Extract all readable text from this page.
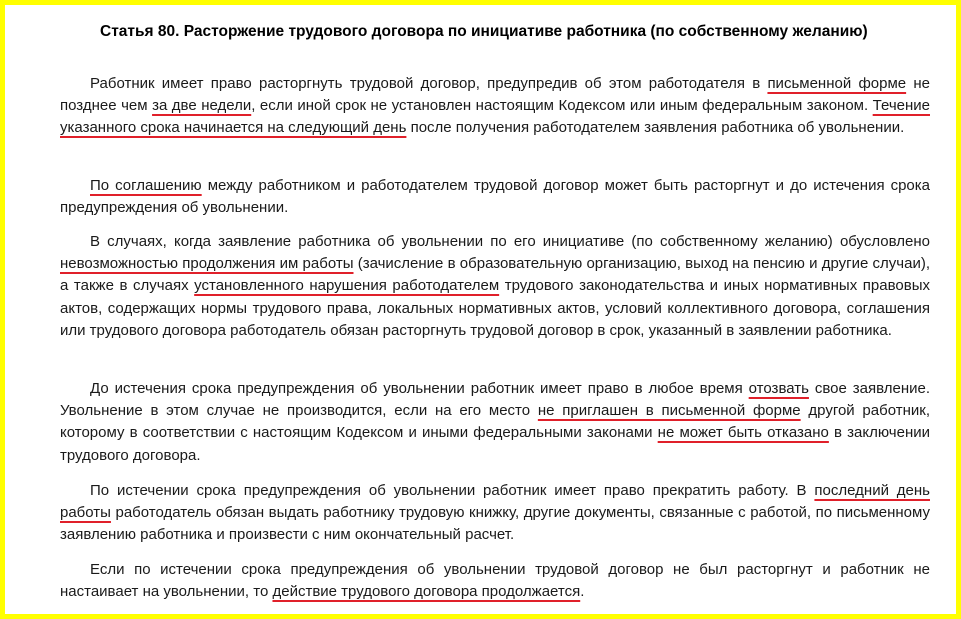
Статья 80. Расторжение трудового договора по инициативе работника (по собственному желанию)

Работник имеет право расторгнуть трудовой договор, предупредив об этом работодателя в письменной форме не позднее чем за две недели, если иной срок не установлен настоящим Кодексом или иным федеральным законом. Течение указанного срока начинается на следующий день после получения работодателем заявления работника об увольнении.

По соглашению между работником и работодателем трудовой договор может быть расторгнут и до истечения срока предупреждения об увольнении.

В случаях, когда заявление работника об увольнении по его инициативе (по собственному желанию) обусловлено невозможностью продолжения им работы (зачисление в образовательную организацию, выход на пенсию и другие случаи), а также в случаях установленного нарушения работодателем трудового законодательства и иных нормативных правовых актов, содержащих нормы трудового права, локальных нормативных актов, условий коллективного договора, соглашения или трудового договора работодатель обязан расторгнуть трудовой договор в срок, указанный в заявлении работника.

До истечения срока предупреждения об увольнении работник имеет право в любое время отозвать свое заявление. Увольнение в этом случае не производится, если на его место не приглашен в письменной форме другой работник, которому в соответствии с настоящим Кодексом и иными федеральными законами не может быть отказано в заключении трудового договора.

По истечении срока предупреждения об увольнении работник имеет право прекратить работу. В последний день работы работодатель обязан выдать работнику трудовую книжку, другие документы, связанные с работой, по письменному заявлению работника и произвести с ним окончательный расчет.

Если по истечении срока предупреждения об увольнении трудовой договор не был расторгнут и работник не настаивает на увольнении, то действие трудового договора продолжается.
